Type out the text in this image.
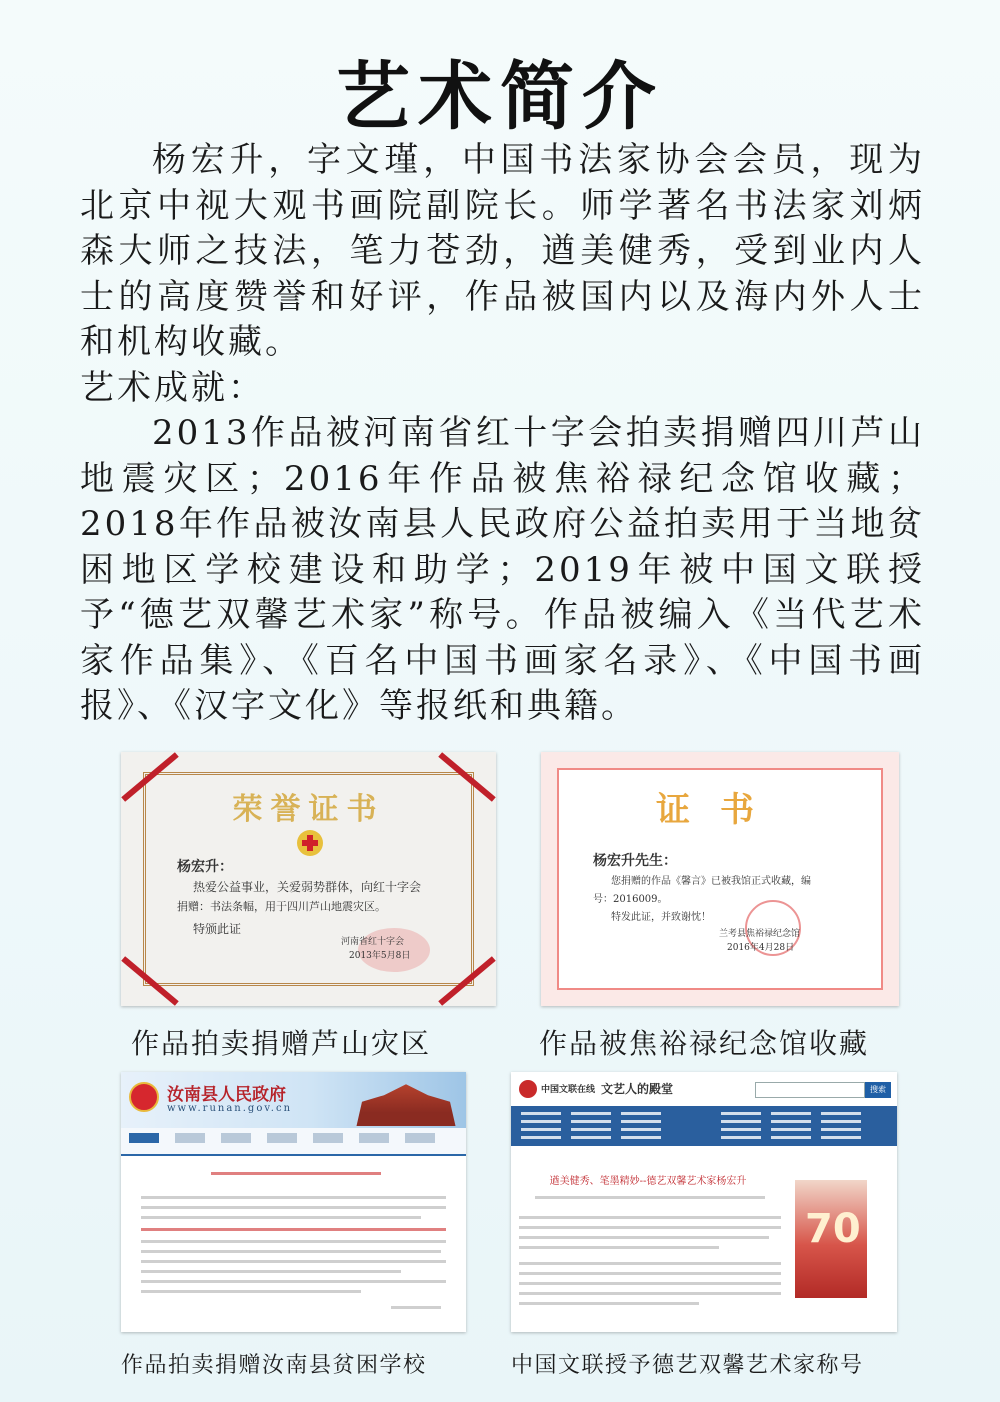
艺术简介

杨宏升，字文瑾，中国书法家协会会员，现为北京中视大观书画院副院长。师学著名书法家刘炳森大师之技法，笔力苍劲，遒美健秀，受到业内人士的高度赞誉和好评，作品被国内以及海内外人士和机构收藏。

艺术成就：

2013作品被河南省红十字会拍卖捐赠四川芦山地震灾区；2016年作品被焦裕禄纪念馆收藏；2018年作品被汝南县人民政府公益拍卖用于当地贫困地区学校建设和助学；2019年被中国文联授予“德艺双馨艺术家”称号。作品被编入《当代艺术家作品集》、《百名中国书画家名录》、《中国书画报》、《汉字文化》等报纸和典籍。

荣誉证书
杨宏升：
热爱公益事业，关爱弱势群体，向红十字会
捐赠：书法条幅，用于四川芦山地震灾区。
特颁此证
河南省红十字会
2013年5月8日
作品拍卖捐赠芦山灾区
证书
杨宏升先生：
您捐赠的作品《馨言》已被我馆正式收藏，编
号：2016009。
特发此证，并致谢忱！
兰考县焦裕禄纪念馆
2016年4月28日
作品被焦裕禄纪念馆收藏
汝南县人民政府
www.runan.gov.cn
作品拍卖捐赠汝南县贫困学校
中国文联在线 文艺人的殿堂	搜索
遒美健秀、笔墨精妙--德艺双馨艺术家杨宏升
70
中国文联授予德艺双馨艺术家称号
